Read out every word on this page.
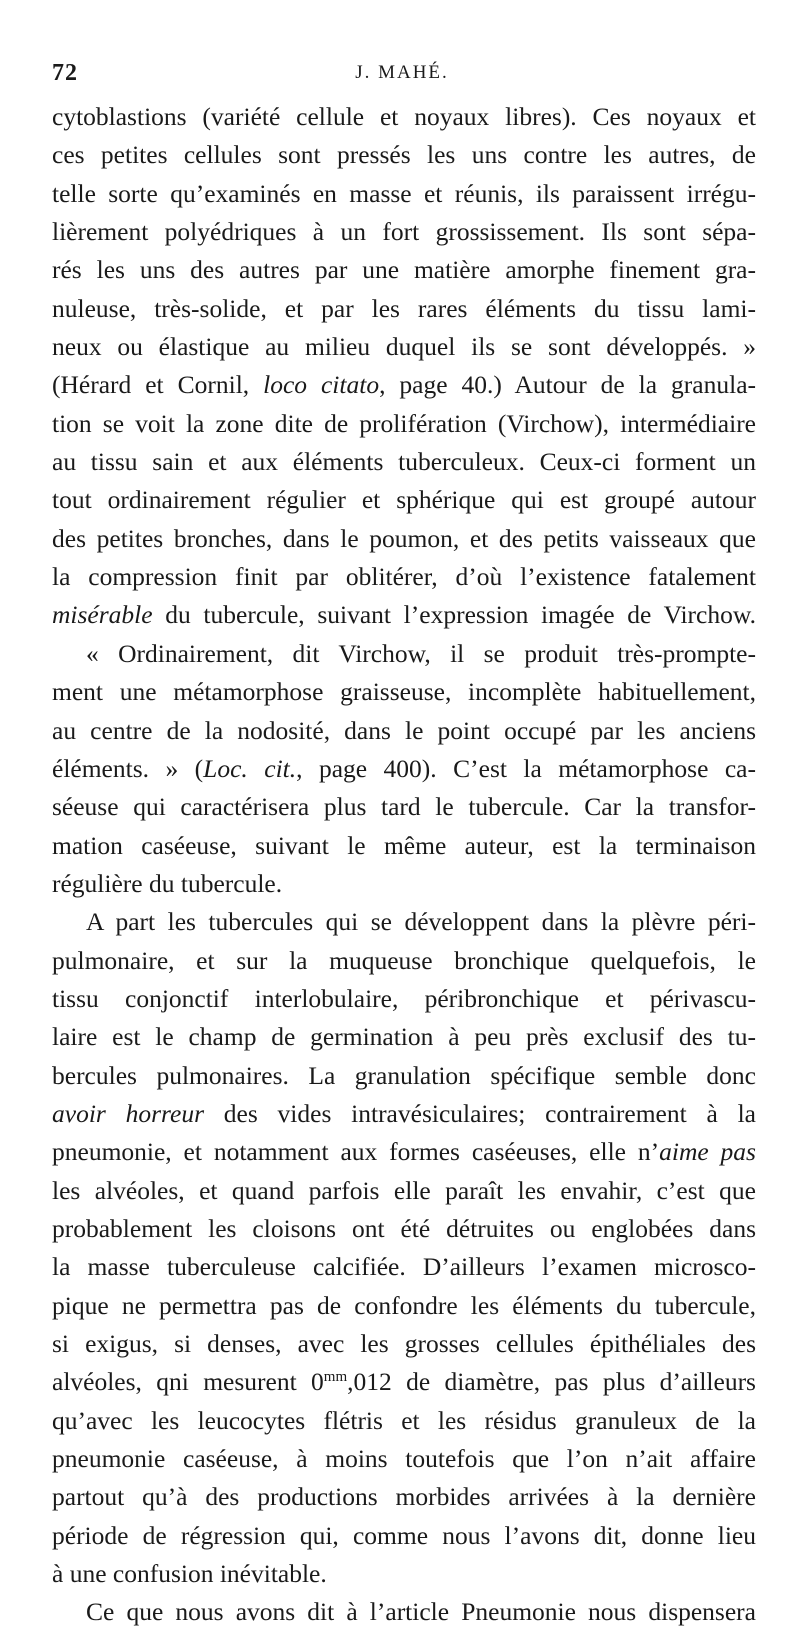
72	J. MAHÉ.
cytoblastions (variété cellule et noyaux libres). Ces noyaux et
ces petites cellules sont pressés les uns contre les autres, de
telle sorte qu’examinés en masse et réunis, ils paraissent irrégu-
lièrement polyédriques à un fort grossissement. Ils sont sépa-
rés les uns des autres par une matière amorphe finement gra-
nuleuse, très-solide, et par les rares éléments du tissu lami-
neux ou élastique au milieu duquel ils se sont développés. »
(Hérard et Cornil, loco citato, page 40.) Autour de la granula-
tion se voit la zone dite de prolifération (Virchow), intermédiaire
au tissu sain et aux éléments tuberculeux. Ceux-ci forment un
tout ordinairement régulier et sphérique qui est groupé autour
des petites bronches, dans le poumon, et des petits vaisseaux que
la compression finit par oblitérer, d’où l’existence fatalement
misérable du tubercule, suivant l’expression imagée de Virchow.
« Ordinairement, dit Virchow, il se produit très-prompte-
ment une métamorphose graisseuse, incomplète habituellement,
au centre de la nodosité, dans le point occupé par les anciens
éléments. » (Loc. cit., page 400). C’est la métamorphose ca-
séeuse qui caractérisera plus tard le tubercule. Car la transfor-
mation caséeuse, suivant le même auteur, est la terminaison
régulière du tubercule.
A part les tubercules qui se développent dans la plèvre péri-
pulmonaire, et sur la muqueuse bronchique quelquefois, le
tissu conjonctif interlobulaire, péribronchique et périvascu-
laire est le champ de germination à peu près exclusif des tu-
bercules pulmonaires. La granulation spécifique semble donc
avoir horreur des vides intravésiculaires; contrairement à la
pneumonie, et notamment aux formes caséeuses, elle n’aime pas
les alvéoles, et quand parfois elle paraît les envahir, c’est que
probablement les cloisons ont été détruites ou englobées dans
la masse tuberculeuse calcifiée. D’ailleurs l’examen microsco-
pique ne permettra pas de confondre les éléments du tubercule,
si exigus, si denses, avec les grosses cellules épithéliales des
alvéoles, qni mesurent $0^{mm},012$ de diamètre, pas plus d’ailleurs
qu’avec les leucocytes flétris et les résidus granuleux de la
pneumonie caséeuse, à moins toutefois que l’on n’ait affaire
partout qu’à des productions morbides arrivées à la dernière
période de régression qui, comme nous l’avons dit, donne lieu
à une confusion inévitable.
Ce que nous avons dit à l’article Pneumonie nous dispensera
